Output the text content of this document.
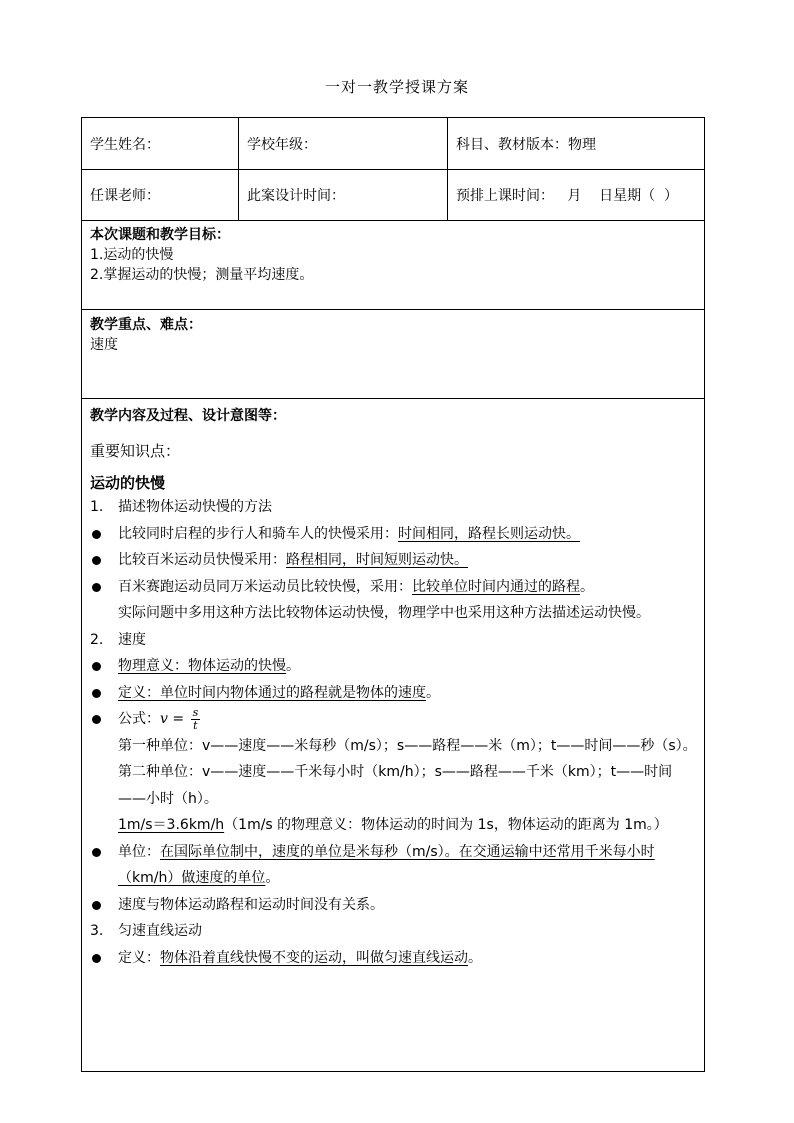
一对一教学授课方案
学生姓名：	学校年级：	科目、教材版本：物理
任课老师：	此案设计时间：	预排上课时间：   月    日星期（  ）
本次课题和教学目标：
1.运动的快慢
2.掌握运动的快慢；测量平均速度。
教学重点、难点：
速度
教学内容及过程、设计意图等：
重要知识点：
运动的快慢
1.	描述物体运动快慢的方法
比较同时启程的步行人和骑车人的快慢采用：时间相同，路程长则运动快。
比较百米运动员快慢采用：路程相同，时间短则运动快。
百米赛跑运动员同万米运动员比较快慢，采用：比较单位时间内通过的路程。
实际问题中多用这种方法比较物体运动快慢，物理学中也采用这种方法描述运动快慢。
2.	速度
物理意义：物体运动的快慢。
定义：单位时间内物体通过的路程就是物体的速度。
公式：$v = \frac{s}{t}$
第一种单位：v——速度——米每秒（m/s）；s——路程——米（m）；t——时间——秒（s）。
第二种单位：v——速度——千米每小时（km/h）；s——路程——千米（km）；t——时间——小时（h）。
1m/s＝3.6km/h（1m/s 的物理意义：物体运动的时间为 1s，物体运动的距离为 1m。）
单位：在国际单位制中，速度的单位是米每秒（m/s）。在交通运输中还常用千米每小时（km/h）做速度的单位。
速度与物体运动路程和运动时间没有关系。
3.	匀速直线运动
定义：物体沿着直线快慢不变的运动，叫做匀速直线运动。
